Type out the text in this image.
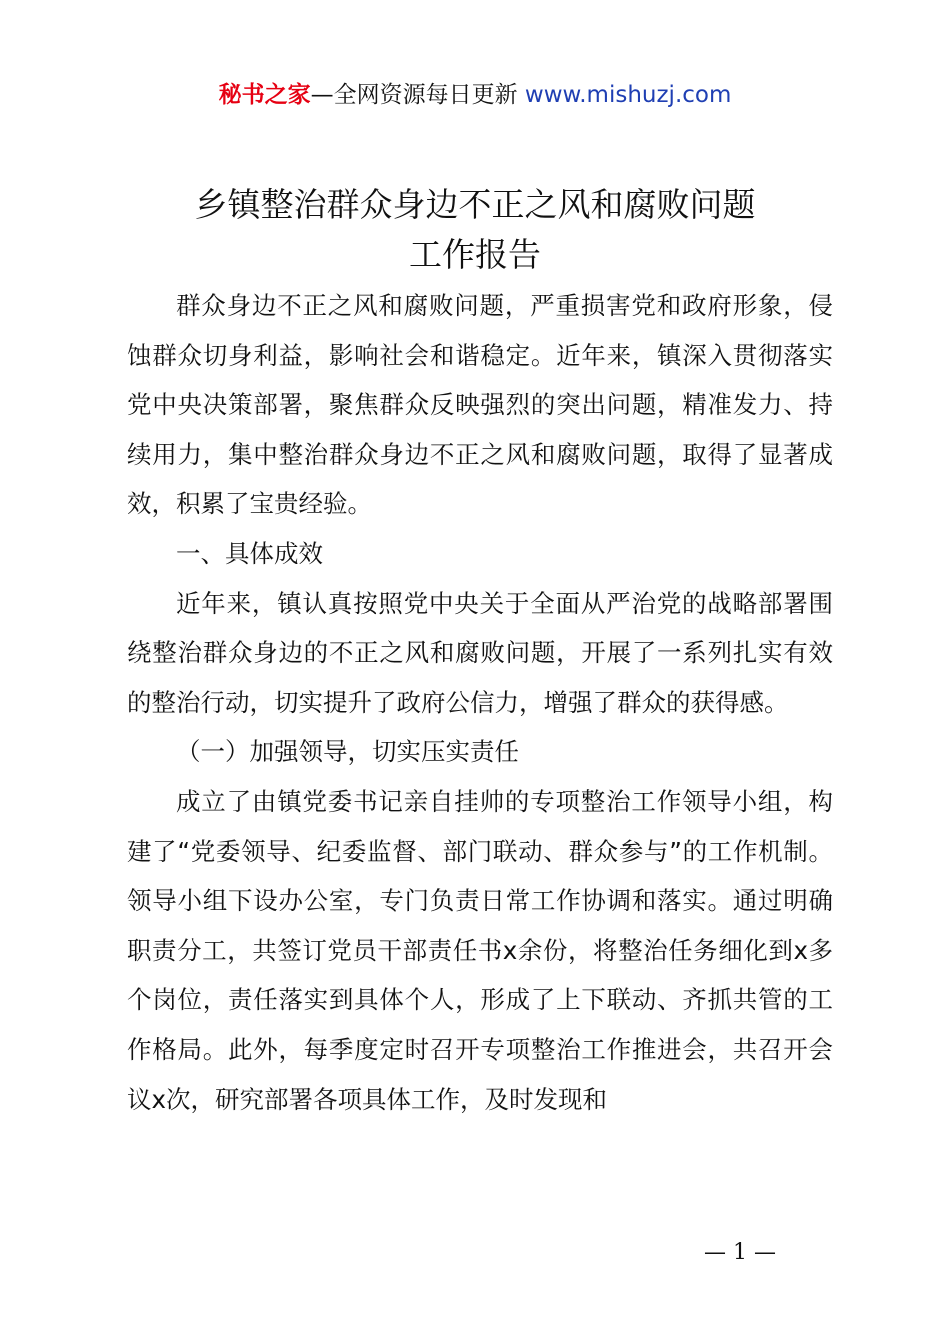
秘书之家—全网资源每日更新 www.mishuzj.com
乡镇整治群众身边不正之风和腐败问题
工作报告

群众身边不正之风和腐败问题，严重损害党和政府形象，侵蚀群众切身利益，影响社会和谐稳定。近年来，镇深入贯彻落实党中央决策部署，聚焦群众反映强烈的突出问题，精准发力、持续用力，集中整治群众身边不正之风和腐败问题，取得了显著成效，积累了宝贵经验。

一、具体成效

近年来，镇认真按照党中央关于全面从严治党的战略部署围绕整治群众身边的不正之风和腐败问题，开展了一系列扎实有效的整治行动，切实提升了政府公信力，增强了群众的获得感。

（一）加强领导，切实压实责任

成立了由镇党委书记亲自挂帅的专项整治工作领导小组，构建了“党委领导、纪委监督、部门联动、群众参与”的工作机制。领导小组下设办公室，专门负责日常工作协调和落实。通过明确职责分工，共签订党员干部责任书x余份，将整治任务细化到x多个岗位，责任落实到具体个人，形成了上下联动、齐抓共管的工作格局。此外，每季度定时召开专项整治工作推进会，共召开会议x次，研究部署各项具体工作，及时发现和

— 1 —
